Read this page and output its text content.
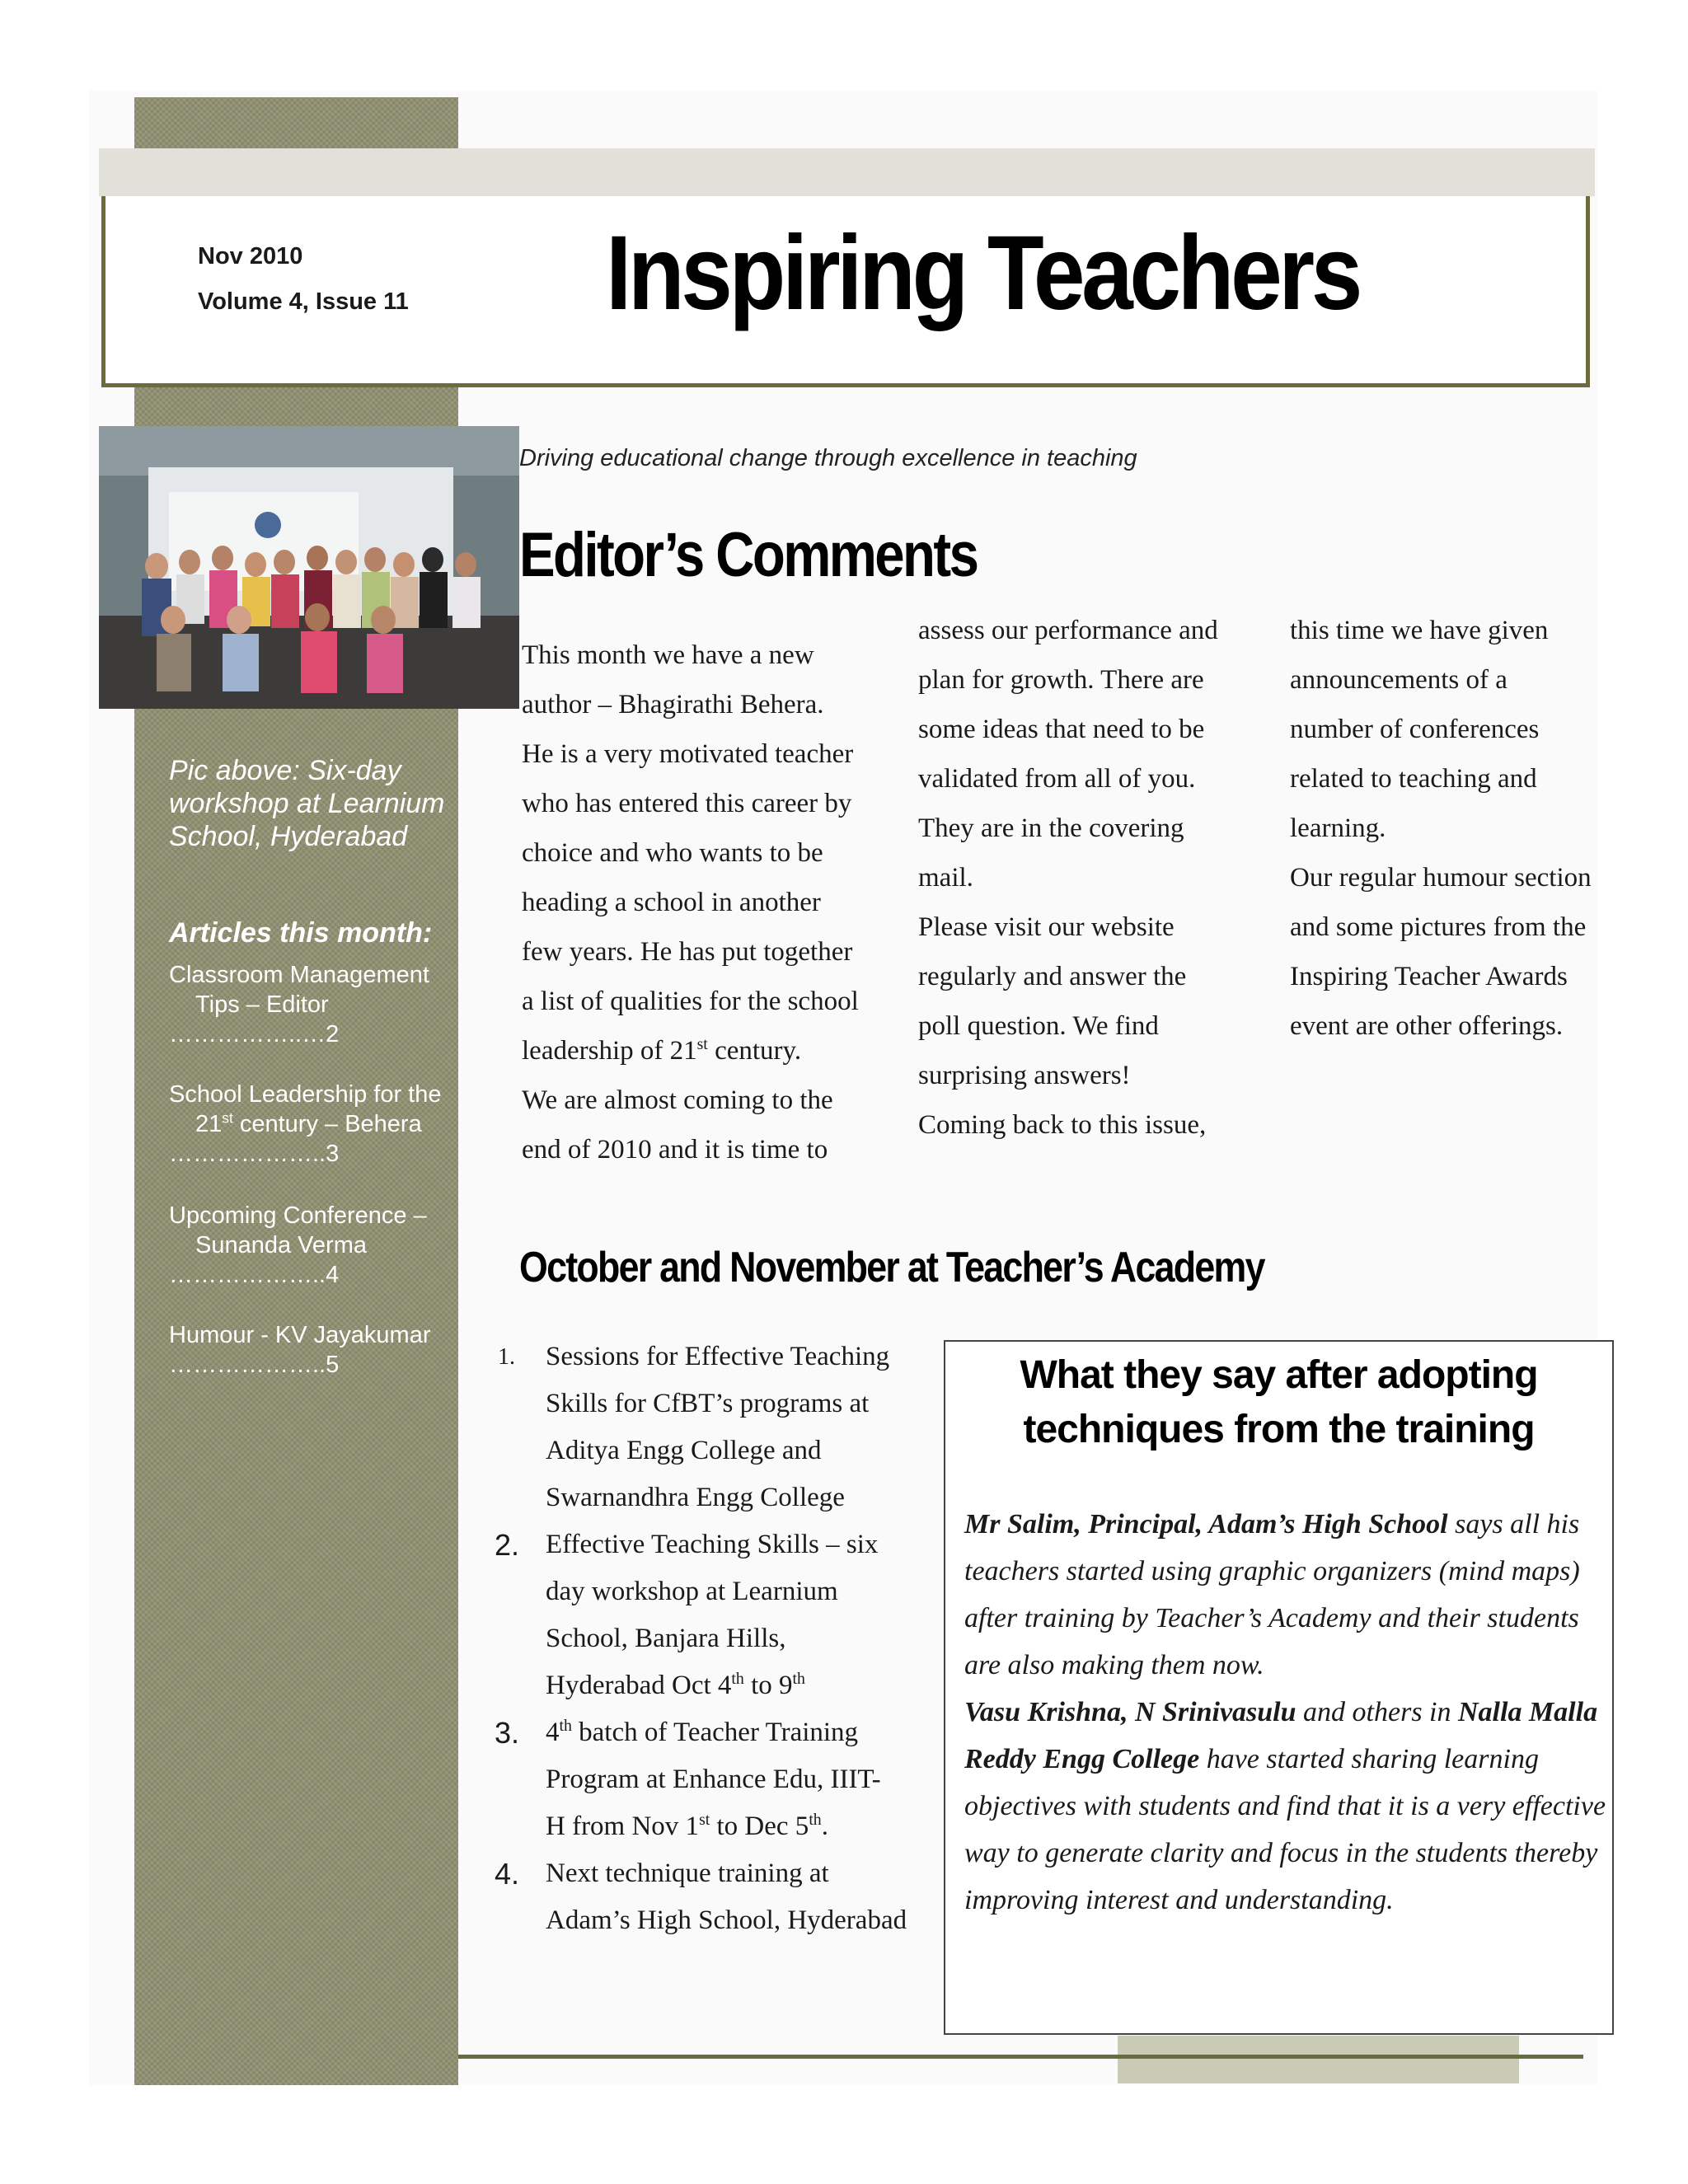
Nov 2010
Volume 4, Issue 11 Inspiring Teachers
Driving educational change through excellence in teaching
Pic above: Six-day workshop at Learnium School, Hyderabad
Articles this month:
Classroom Management
Tips – Editor
……………..…2
School Leadership for the
21st century – Behera
………………..3
Upcoming Conference –
Sunanda Verma
………………..4
Humour - KV Jayakumar
………………..5
Editor’s Comments

This month we have a new

author – Bhagirathi Behera.

He is a very motivated teacher

who has entered this career by

choice and who wants to be

heading a school in another

few years. He has put together

a list of qualities for the school

leadership of 21st century.

We are almost coming to the

end of 2010 and it is time to

assess our performance and

plan for growth. There are

some ideas that need to be

validated from all of you.

They are in the covering

mail.

Please visit our website

regularly and answer the

poll question. We find

surprising answers!

Coming back to this issue,

this time we have given

announcements of a

number of conferences

related to teaching and

learning.

Our regular humour section

and some pictures from the

Inspiring Teacher Awards

event are other offerings.

October and November at Teacher’s Academy
1. Sessions for Effective Teaching
Skills for CfBT’s programs at
Aditya Engg College and
Swarnandhra Engg College
2. Effective Teaching Skills – six
day workshop at Learnium
School, Banjara Hills,
Hyderabad Oct 4th to 9th
3. 4th batch of Teacher Training
Program at Enhance Edu, IIIT-
H from Nov 1st to Dec 5th.
4. Next technique training at
Adam’s High School, Hyderabad
What they say after adopting
techniques from the training
Mr Salim, Principal, Adam’s High School says all his teachers started using graphic organizers (mind maps) after training by Teacher’s Academy and their students are also making them now.
Vasu Krishna, N Srinivasulu and others in Nalla Malla Reddy Engg College have started sharing learning objectives with students and find that it is a very effective way to generate clarity and focus in the students thereby improving interest and understanding.
